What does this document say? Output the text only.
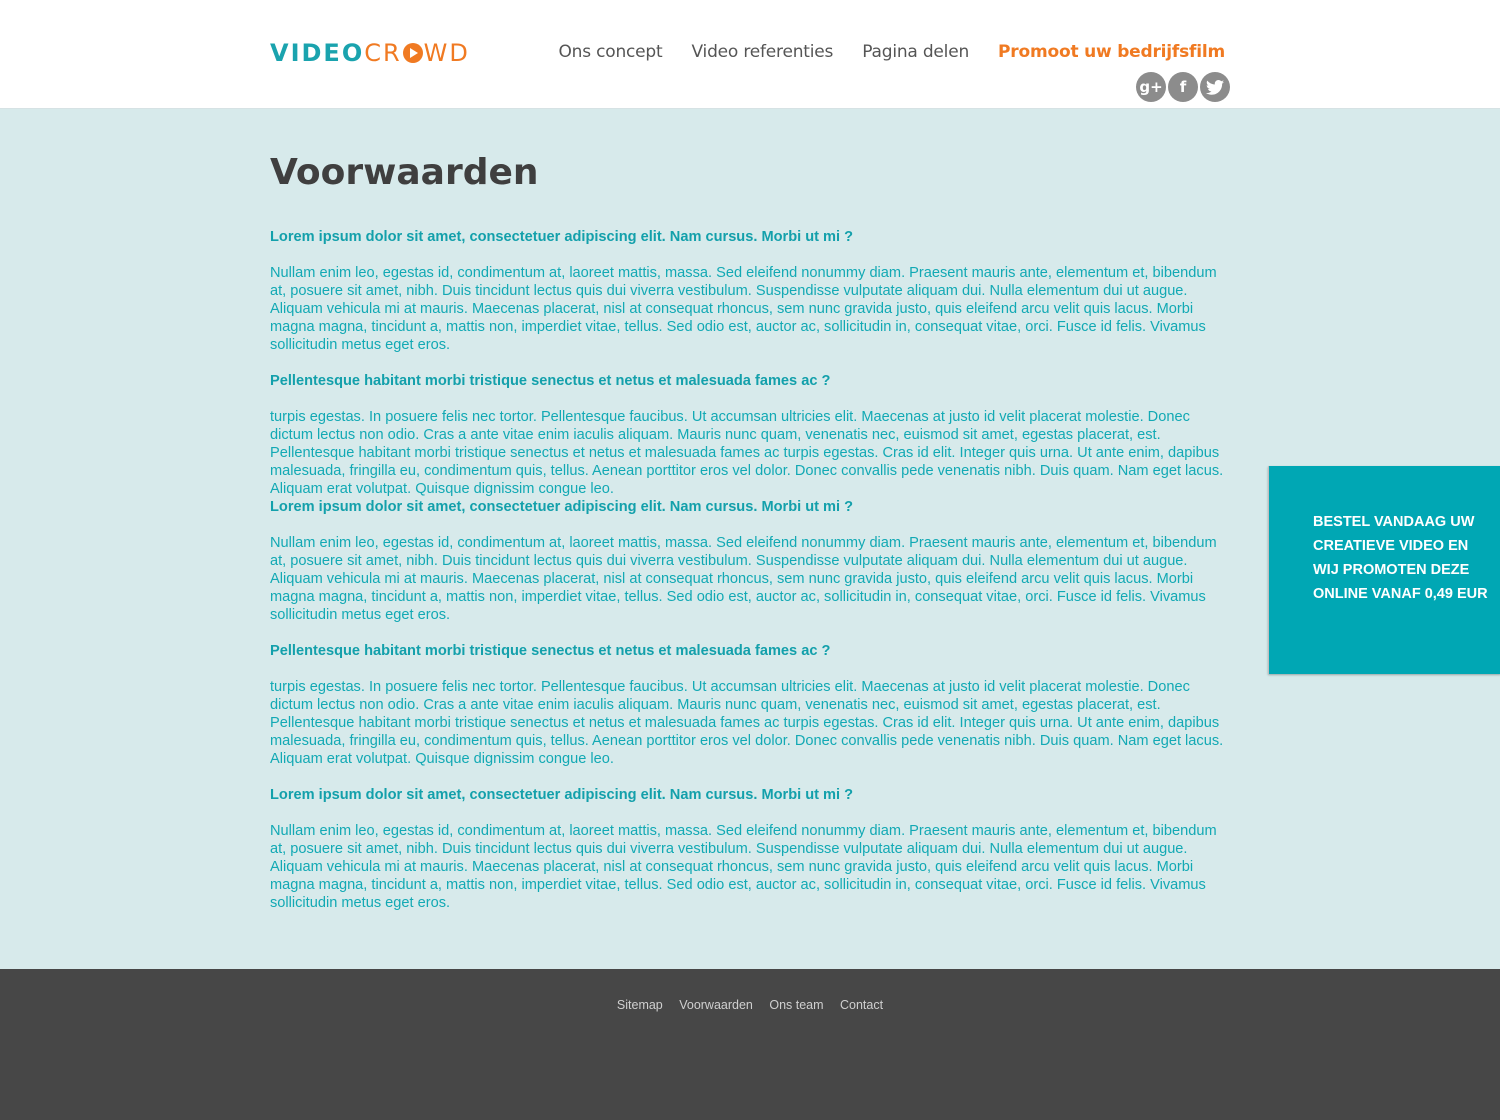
VIDEOCR WD	Ons concept Video referenties Pagina delen Promoot uw bedrijfsfilm
g+	f
Voorwaarden

Lorem ipsum dolor sit amet, consectetuer adipiscing elit. Nam cursus. Morbi ut mi ?

Nullam enim leo, egestas id, condimentum at, laoreet mattis, massa. Sed eleifend nonummy diam. Praesent mauris ante, elementum et, bibendum at, posuere sit amet, nibh. Duis tincidunt lectus quis dui viverra vestibulum. Suspendisse vulputate aliquam dui. Nulla elementum dui ut augue. Aliquam vehicula mi at mauris. Maecenas placerat, nisl at consequat rhoncus, sem nunc gravida justo, quis eleifend arcu velit quis lacus. Morbi magna magna, tincidunt a, mattis non, imperdiet vitae, tellus. Sed odio est, auctor ac, sollicitudin in, consequat vitae, orci. Fusce id felis. Vivamus sollicitudin metus eget eros.

Pellentesque habitant morbi tristique senectus et netus et malesuada fames ac ?

turpis egestas. In posuere felis nec tortor. Pellentesque faucibus. Ut accumsan ultricies elit. Maecenas at justo id velit placerat molestie. Donec dictum lectus non odio. Cras a ante vitae enim iaculis aliquam. Mauris nunc quam, venenatis nec, euismod sit amet, egestas placerat, est. Pellentesque habitant morbi tristique senectus et netus et malesuada fames ac turpis egestas. Cras id elit. Integer quis urna. Ut ante enim, dapibus malesuada, fringilla eu, condimentum quis, tellus. Aenean porttitor eros vel dolor. Donec convallis pede venenatis nibh. Duis quam. Nam eget lacus. Aliquam erat volutpat. Quisque dignissim congue leo.

Lorem ipsum dolor sit amet, consectetuer adipiscing elit. Nam cursus. Morbi ut mi ?

Nullam enim leo, egestas id, condimentum at, laoreet mattis, massa. Sed eleifend nonummy diam. Praesent mauris ante, elementum et, bibendum at, posuere sit amet, nibh. Duis tincidunt lectus quis dui viverra vestibulum. Suspendisse vulputate aliquam dui. Nulla elementum dui ut augue. Aliquam vehicula mi at mauris. Maecenas placerat, nisl at consequat rhoncus, sem nunc gravida justo, quis eleifend arcu velit quis lacus. Morbi magna magna, tincidunt a, mattis non, imperdiet vitae, tellus. Sed odio est, auctor ac, sollicitudin in, consequat vitae, orci. Fusce id felis. Vivamus sollicitudin metus eget eros.

Pellentesque habitant morbi tristique senectus et netus et malesuada fames ac ?

turpis egestas. In posuere felis nec tortor. Pellentesque faucibus. Ut accumsan ultricies elit. Maecenas at justo id velit placerat molestie. Donec dictum lectus non odio. Cras a ante vitae enim iaculis aliquam. Mauris nunc quam, venenatis nec, euismod sit amet, egestas placerat, est. Pellentesque habitant morbi tristique senectus et netus et malesuada fames ac turpis egestas. Cras id elit. Integer quis urna. Ut ante enim, dapibus malesuada, fringilla eu, condimentum quis, tellus. Aenean porttitor eros vel dolor. Donec convallis pede venenatis nibh. Duis quam. Nam eget lacus. Aliquam erat volutpat. Quisque dignissim congue leo.

Lorem ipsum dolor sit amet, consectetuer adipiscing elit. Nam cursus. Morbi ut mi ?

Nullam enim leo, egestas id, condimentum at, laoreet mattis, massa. Sed eleifend nonummy diam. Praesent mauris ante, elementum et, bibendum at, posuere sit amet, nibh. Duis tincidunt lectus quis dui viverra vestibulum. Suspendisse vulputate aliquam dui. Nulla elementum dui ut augue. Aliquam vehicula mi at mauris. Maecenas placerat, nisl at consequat rhoncus, sem nunc gravida justo, quis eleifend arcu velit quis lacus. Morbi magna magna, tincidunt a, mattis non, imperdiet vitae, tellus. Sed odio est, auctor ac, sollicitudin in, consequat vitae, orci. Fusce id felis. Vivamus sollicitudin metus eget eros.

BESTEL VANDAAG UW CREATIEVE VIDEO EN WIJ PROMOTEN DEZE ONLINE VANAF 0,49 EUR
Sitemap Voorwaarden Ons team Contact
